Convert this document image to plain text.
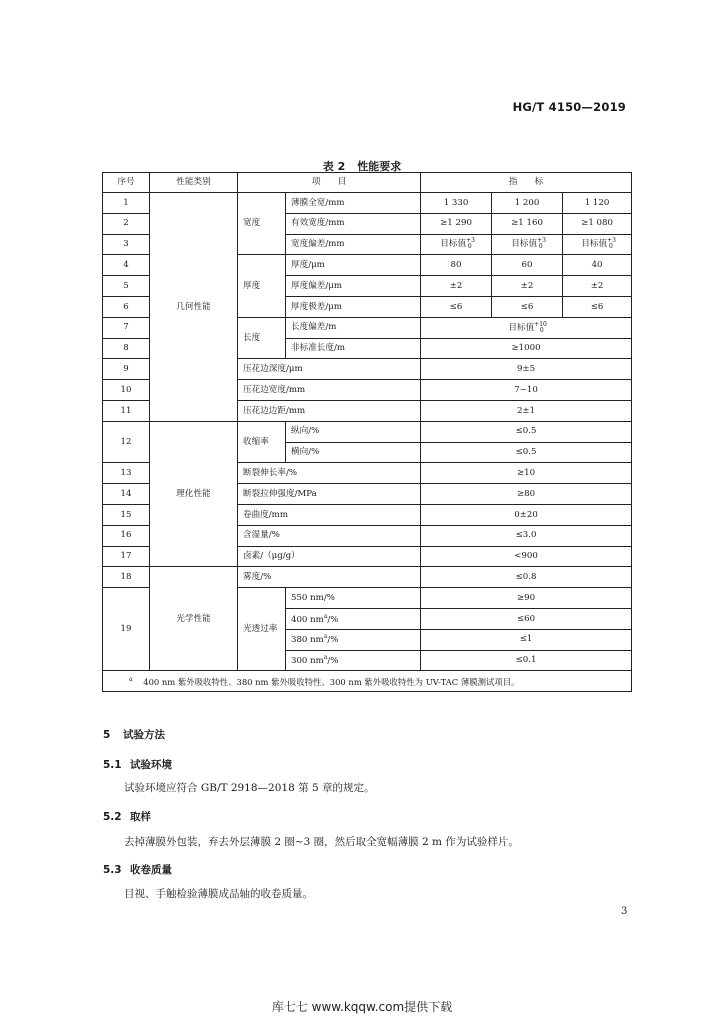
HG/T 4150—2019
表 2 性能要求
序号	性能类别	项　　目		指　　标		
1	几何性能	宽度	薄膜全宽/mm	1 330	1 200	1 120
2			有效宽度/mm	≥1 290	≥1 160	≥1 080
3			宽度偏差/mm	目标值$^{+3}_0$	目标值$^{+3}_0$	目标值$^{+3}_0$
4		厚度	厚度/μm	80	60	40
5			厚度偏差/μm	±2	±2	±2
6			厚度极差/μm	≤6	≤6	≤6
7		长度	长度偏差/m	目标值$^{+10}_0$
8			非标准长度/m	≥1000		
9		压花边深度/μm		9±5		
10		压花边宽度/mm		7~10		
11		压花边边距/mm		2±1		
12	理化性能	收缩率	纵向/%	≤0.5		
			横向/%	≤0.5		
13		断裂伸长率/%		≥10		
14		断裂拉伸强度/MPa		≥80		
15		卷曲度/mm		0±20		
16		含湿量/%		≤3.0		
17		卤素/（μg/g）		<900		
18	光学性能	雾度/%		≤0.8		
19		光透过率	550 nm/%	≥90		
			400 $nm^a/\%$	≤60		
			380 $nm^a/\%$	≤1		
			300 $nm^a/\%$	≤0.1		
$^a$ 400 nm 紫外吸收特性、380 nm 紫外吸收特性、300 nm 紫外吸收特性为 UV-TAC 薄膜测试项目。						
5 试验方法
5.1 试验环境
试验环境应符合 GB/T 2918—2018 第 5 章的规定。
5.2 取样
去掉薄膜外包装，弃去外层薄膜 2 圈~3 圈，然后取全宽幅薄膜 2 m 作为试验样片。
5.3 收卷质量
目视、手触检验薄膜成品轴的收卷质量。
3
库七七 www.kqqw.com提供下载
